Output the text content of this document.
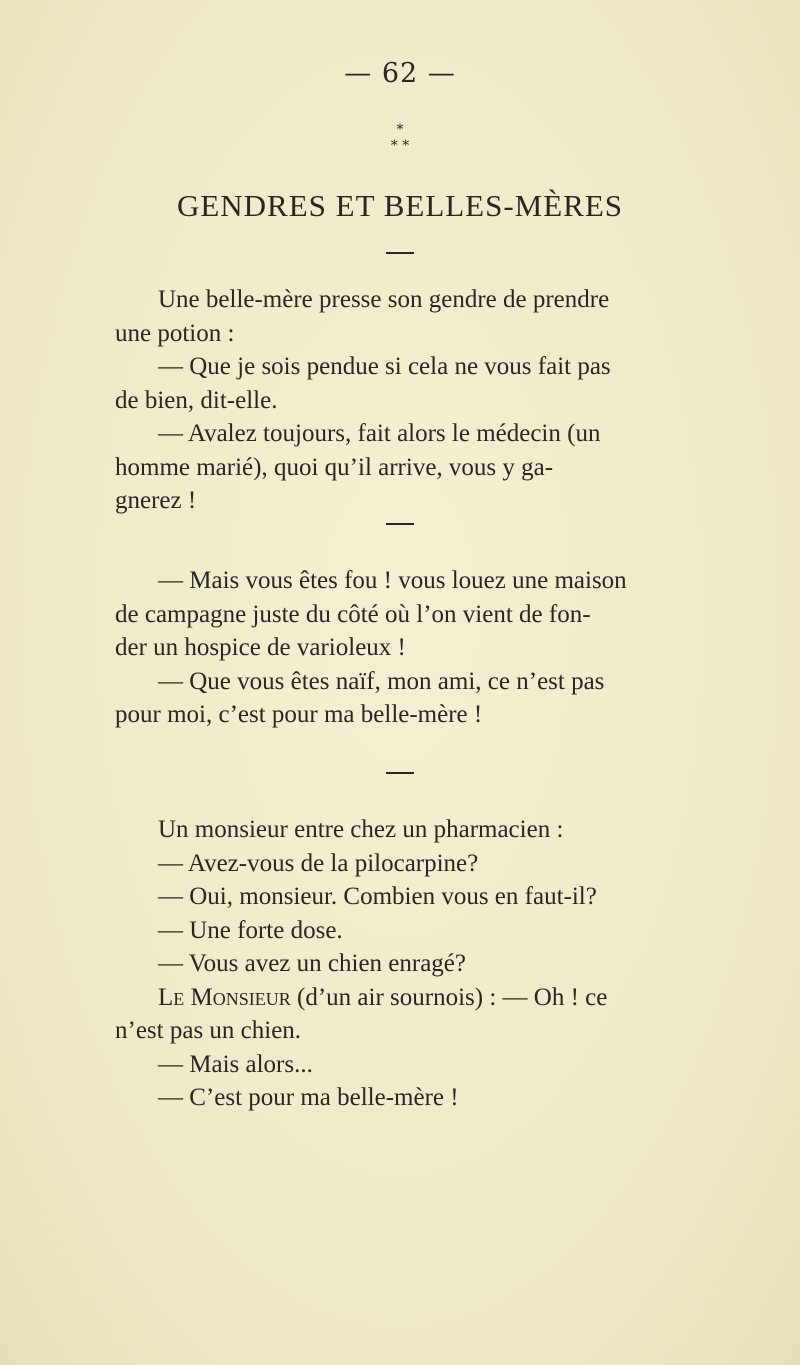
— 62 —
*
* *
GENDRES ET BELLES-MÈRES
Une belle-mère presse son gendre de prendre
une potion :
— Que je sois pendue si cela ne vous fait pas
de bien, dit-elle.
— Avalez toujours, fait alors le médecin (un
homme marié), quoi qu’il arrive, vous y ga-
gnerez !
— Mais vous êtes fou ! vous louez une maison
de campagne juste du côté où l’on vient de fon-
der un hospice de varioleux !
— Que vous êtes naïf, mon ami, ce n’est pas
pour moi, c’est pour ma belle-mère !
Un monsieur entre chez un pharmacien :
— Avez-vous de la pilocarpine?
— Oui, monsieur. Combien vous en faut-il?
— Une forte dose.
— Vous avez un chien enragé?
Le Monsieur (d’un air sournois) : — Oh ! ce
n’est pas un chien.
— Mais alors...
— C’est pour ma belle-mère !
